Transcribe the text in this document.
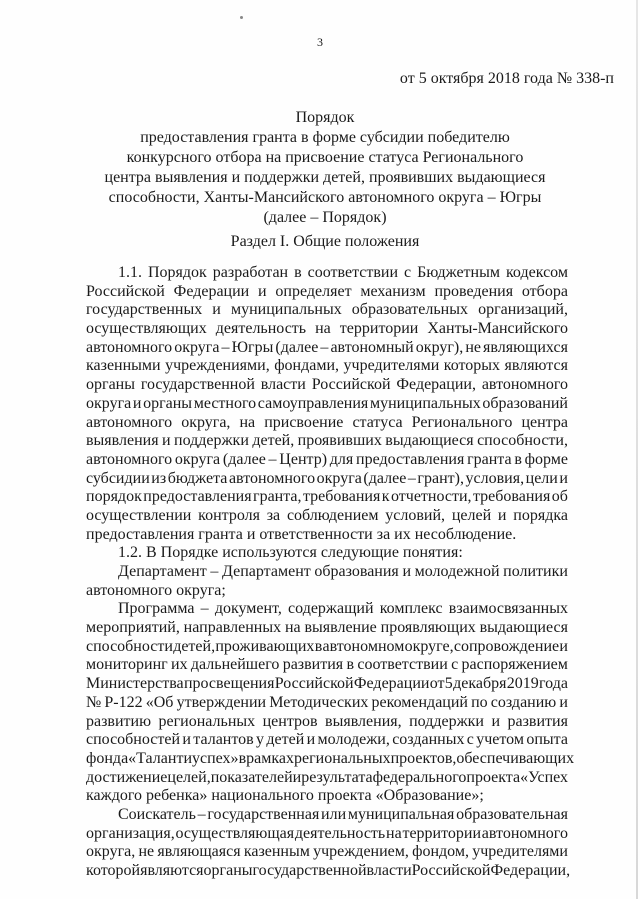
3
от 5 октября 2018 года № 338-п
Порядок
предоставления гранта в форме субсидии победителю
конкурсного отбора на присвоение статуса Регионального
центра выявления и поддержки детей, проявивших выдающиеся
способности, Ханты-Мансийского автономного округа – Югры
(далее – Порядок)
Раздел I. Общие положения
1.1. Порядок разработан в соответствии с Бюджетным кодексом
Российской Федерации и определяет механизм проведения отбора
государственных и муниципальных образовательных организаций,
осуществляющих деятельность на территории Ханты-Мансийского
автономного округа – Югры (далее – автономный округ), не являющихся
казенными учреждениями, фондами, учредителями которых являются
органы государственной власти Российской Федерации, автономного
округа и органы местного самоуправления муниципальных образований
автономного округа, на присвоение статуса Регионального центра
выявления и поддержки детей, проявивших выдающиеся способности,
автономного округа (далее – Центр) для предоставления гранта в форме
субсидии из бюджета автономного округа (далее – грант), условия, цели и
порядок предоставления гранта, требования к отчетности, требования об
осуществлении контроля за соблюдением условий, целей и порядка
предоставления гранта и ответственности за их несоблюдение.
1.2. В Порядке используются следующие понятия:
Департамент – Департамент образования и молодежной политики
автономного округа;
Программа – документ, содержащий комплекс взаимосвязанных
мероприятий, направленных на выявление проявляющих выдающиеся
способности детей, проживающих в автономном округе, сопровождение и
мониторинг их дальнейшего развития в соответствии с распоряжением
Министерства просвещения Российской Федерации от 5 декабря 2019 года
№ Р-122 «Об утверждении Методических рекомендаций по созданию и
развитию региональных центров выявления, поддержки и развития
способностей и талантов у детей и молодежи, созданных с учетом опыта
фонда «Талант и успех» в рамках региональных проектов, обеспечивающих
достижение целей, показателей и результата федерального проекта «Успех
каждого ребенка» национального проекта «Образование»;
Соискатель – государственная или муниципальная образовательная
организация, осуществляющая деятельность на территории автономного
округа, не являющаяся казенным учреждением, фондом, учредителями
которой являются органы государственной власти Российской Федерации,
